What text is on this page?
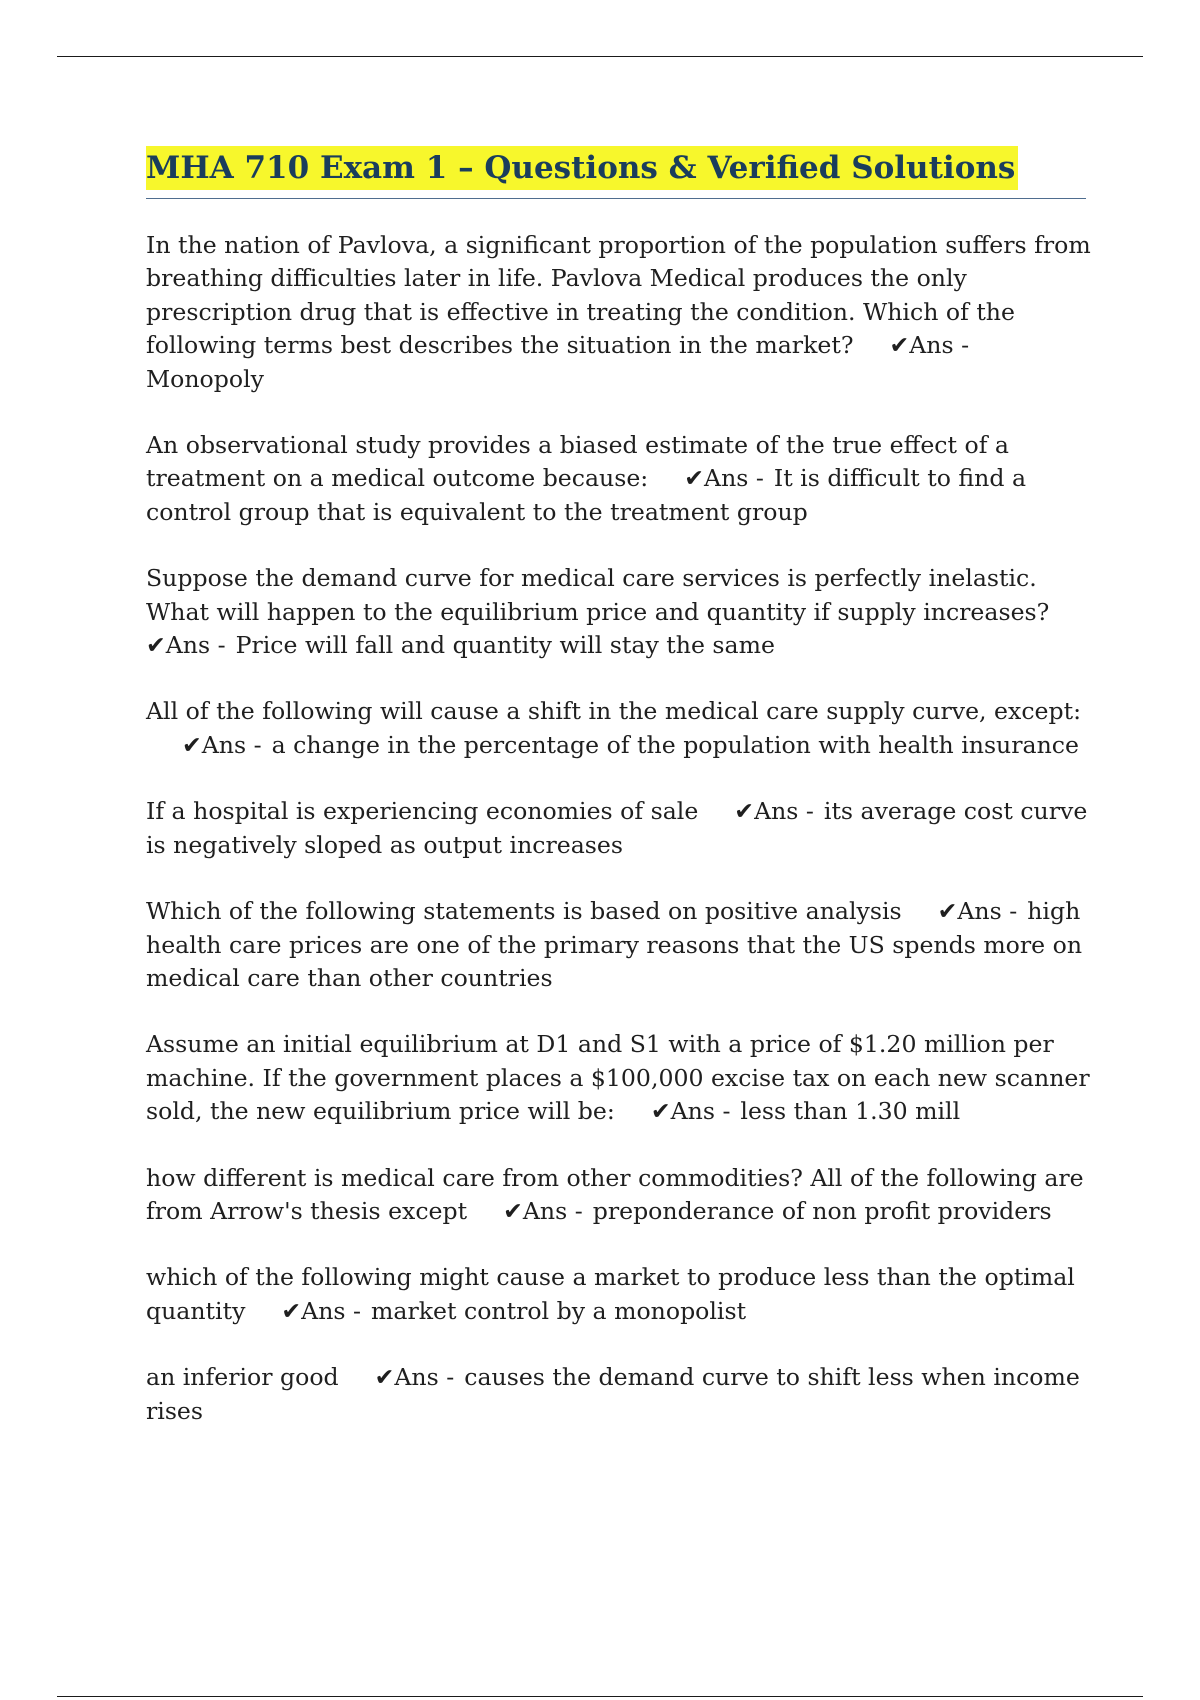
MHA 710 Exam 1 – Questions & Verified Solutions

In the nation of Pavlova, a significant proportion of the population suffers from breathing difficulties later in life. Pavlova Medical produces the only prescription drug that is effective in treating the condition. Which of the following terms best describes the situation in the market? ✔Ans -Monopoly

An observational study provides a biased estimate of the true effect of a treatment on a medical outcome because: ✔Ans - It is difficult to find a control group that is equivalent to the treatment group

Suppose the demand curve for medical care services is perfectly inelastic. What will happen to the equilibrium price and quantity if supply increases?✔Ans - Price will fall and quantity will stay the same

All of the following will cause a shift in the medical care supply curve, except:✔Ans - a change in the percentage of the population with health insurance

If a hospital is experiencing economies of sale ✔Ans - its average cost curve is negatively sloped as output increases

Which of the following statements is based on positive analysis ✔Ans - high health care prices are one of the primary reasons that the US spends more on medical care than other countries

Assume an initial equilibrium at D1 and S1 with a price of $1.20 million per machine. If the government places a $100,000 excise tax on each new scanner sold, the new equilibrium price will be: ✔Ans - less than 1.30 mill

how different is medical care from other commodities? All of the following are from Arrow's thesis except ✔Ans - preponderance of non profit providers

which of the following might cause a market to produce less than the optimal quantity ✔Ans - market control by a monopolist

an inferior good ✔Ans - causes the demand curve to shift less when income rises
